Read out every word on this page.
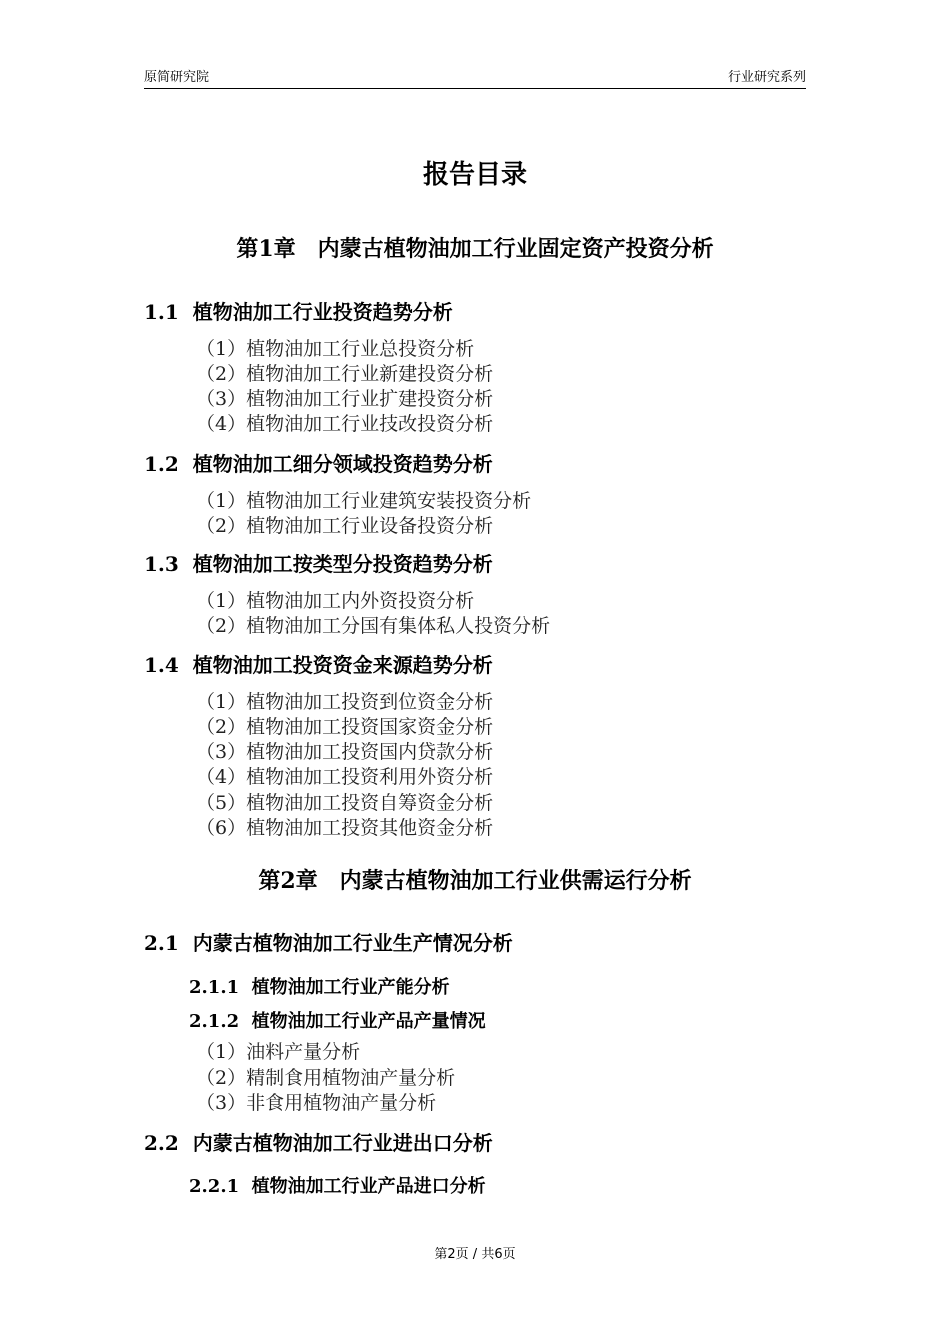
原简研究院	行业研究系列
报告目录
第1章　内蒙古植物油加工行业固定资产投资分析
1.1  植物油加工行业投资趋势分析
（1）植物油加工行业总投资分析
（2）植物油加工行业新建投资分析
（3）植物油加工行业扩建投资分析
（4）植物油加工行业技改投资分析
1.2  植物油加工细分领域投资趋势分析
（1）植物油加工行业建筑安装投资分析
（2）植物油加工行业设备投资分析
1.3  植物油加工按类型分投资趋势分析
（1）植物油加工内外资投资分析
（2）植物油加工分国有集体私人投资分析
1.4  植物油加工投资资金来源趋势分析
（1）植物油加工投资到位资金分析
（2）植物油加工投资国家资金分析
（3）植物油加工投资国内贷款分析
（4）植物油加工投资利用外资分析
（5）植物油加工投资自筹资金分析
（6）植物油加工投资其他资金分析
第2章　内蒙古植物油加工行业供需运行分析
2.1  内蒙古植物油加工行业生产情况分析
2.1.1  植物油加工行业产能分析
2.1.2  植物油加工行业产品产量情况
（1）油料产量分析
（2）精制食用植物油产量分析
（3）非食用植物油产量分析
2.2  内蒙古植物油加工行业进出口分析
2.2.1  植物油加工行业产品进口分析
第2页 / 共6页
